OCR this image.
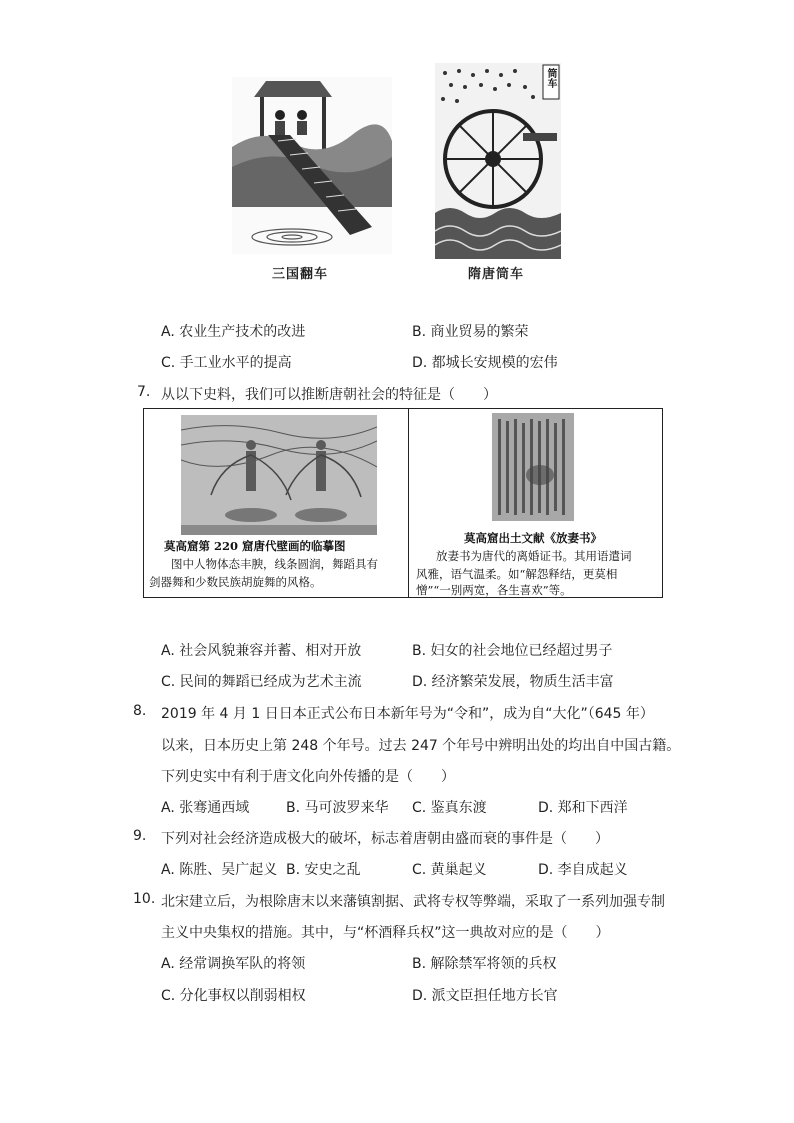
三国翻车
筒车
隋唐筒车
A. 农业生产技术的改进	B. 商业贸易的繁荣
C. 手工业水平的提高	D. 都城长安规模的宏伟
7. 从以下史料，我们可以推断唐朝社会的特征是（　　）
莫高窟第 220 窟唐代壁画的临摹图
图中人物体态丰腴，线条圆润，舞蹈具有
剑器舞和少数民族胡旋舞的风格。
莫高窟出土文献《放妻书》
放妻书为唐代的离婚证书。其用语遣词
风雅，语气温柔。如“解怨释结，更莫相
憎”“一别两宽，各生喜欢”等。
A. 社会风貌兼容并蓄、相对开放	B. 妇女的社会地位已经超过男子
C. 民间的舞蹈已经成为艺术主流	D. 经济繁荣发展，物质生活丰富
8. 2019 年 4 月 1 日日本正式公布日本新年号为“令和”，成为自“大化”（645 年）
以来，日本历史上第 248 个年号。过去 247 个年号中辨明出处的均出自中国古籍。
下列史实中有利于唐文化向外传播的是（　　）
A. 张骞通西域	B. 马可波罗来华 C. 鉴真东渡	D. 郑和下西洋
9. 下列对社会经济造成极大的破坏，标志着唐朝由盛而衰的事件是（　　）
A. 陈胜、吴广起义 B. 安史之乱	C. 黄巢起义	D. 李自成起义
10. 北宋建立后，为根除唐末以来藩镇割据、武将专权等弊端，采取了一系列加强专制
主义中央集权的措施。其中，与“杯酒释兵权”这一典故对应的是（　　）
A. 经常调换军队的将领	B. 解除禁军将领的兵权
C. 分化事权以削弱相权	D. 派文臣担任地方长官
